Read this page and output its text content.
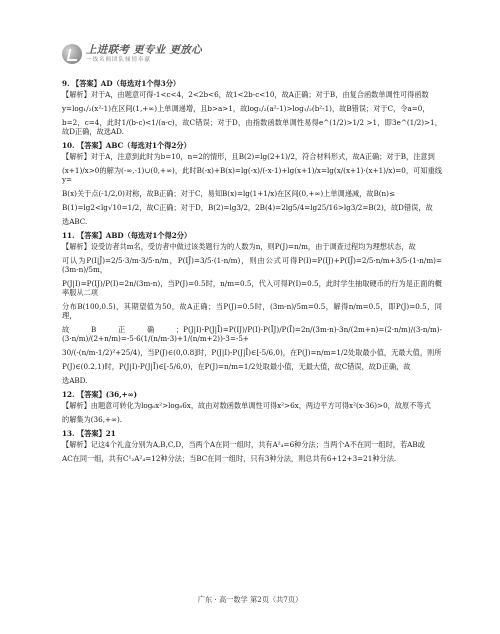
上进联考 更专业 更放心
一线名师团队倾情奉献
9. 【答案】AD（每选对1个得3分）
【解析】对于A，由题意可得-1<c<4，2<2b<6，故1<2b-c<10，故A正确；对于B，由复合函数单调性可得函数
y=log₁/₂(x²-1)在区间(1,+∞)上单调递增，且b>a>1，故log₁/₂(a²-1)>log₁/₂(b²-1)，故B错误；对于C，令a=0，
b=2，c=4，此时1/(b-c)<1/(a-c)，故C错误；对于D，由指数函数单调性易得e^(1/2)>1/2 >1，即3e^(1/2)>1，故D正确，故选AD.
10. 【答案】ABC（每选对1个得2分）
【解析】对于A，注意到此时为b=10，n=2的情形，且B(2)=lg(2+1)/2，符合材料形式，故A正确；对于B，注意到
(x+1)/x>0的解为(-∞,-1)∪(0,+∞)，此时B(-x)+B(x)=lg(-x)/(-x-1)+lg(x+1)/x=lg(x/(x+1)·(x+1)/x)=0，可知重线y=
B(x)关于点(-1/2,0)对称，故B正确；对于C，易知B(x)=lg(1+1/x)在区间(0,+∞)上单调递减，故B(n)≤
B(1)=lg2<lg√10=1/2，故C正确；对于D，B(2)=lg3/2，2B(4)=2lg5/4=lg25/16>lg3/2=B(2)，故D错误，故
选ABC.
11. 【答案】ABD（每选对1个得2分）
【解析】设受访者共m名，受访者中做过该类题行为的人数为n，则P(J)=n/m，由于调查过程均为理想状态，故
可认为P(I|J̄)=2/5·3/m·3/5·n/m，P(IJ̄)=3/5·(1-n/m)，则由公式可得P(I)=P(IJ)+P(IJ̄)=2/5·n/m+3/5·(1-n/m)=(3m-n)/5m，
P(J|I)=P(IJ)/P(I)=2n/(3m-n)，当P(J)=0.5时，n/m=0.5，代入可得P(I)=0.5，此时学生抽取硬币的行为是正面的概率服从二项
分布B(100,0.5)，其期望值为50，故A正确；当P(J)=0.5时，(3m-n)/5m=0.5，解得n/m=0.5，即P(J)=0.5，同理，
故B正确；P(J|I)-P(J|Ī)=P(IJ)/P(I)-P(ĪJ)/P(Ī)=2n/(3m-n)-3n/(2m+n)=(2·n/m)/(3-n/m)-(3·n/m)/(2+n/m)=-5·6(1/(n/m-3)+1/(n/m+2))-3=-5+
30/(-(n/m-1/2)²+25/4)，当P(J)∈(0,0.8]时，P(J|I)-P(J|Ī)∈[-5/6,0)，在P(J)=n/m=1/2处取最小值，无最大值，则所
P(J)∈(0.2,1)时，P(J|I)-P(J|Ī)∈[-5/6,0)，在P(J)=n/m=1/2处取最小值，无最大值，故C错误，故D正确，故
选ABD.
12. 【答案】(36,+∞)
【解析】由题意可转化为log₆x²>log₆6x，故由对数函数单调性可得x²>6x，两边平方可得x²(x-36)>0，故原不等式
的解集为(36,+∞).
13. 【答案】21
【解析】记这4个礼盒分别为A,B,C,D，当两个A在同一组时，共有A²₄=6种分法；当两个A不在同一组时，若AB或
AC在同一组，共有C¹₂A²₄=12种分法；当BC在同一组时，只有3种分法，则总共有6+12+3=21种分法.
广东 · 高一数学 第2页（共7页）
